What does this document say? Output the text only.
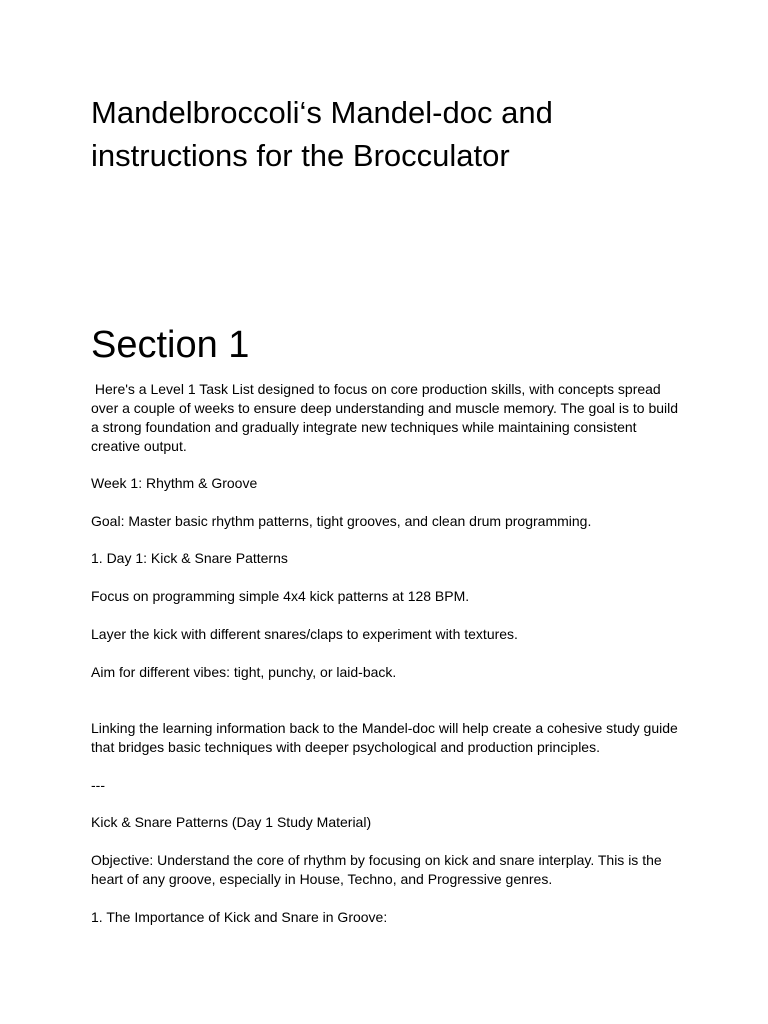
Mandelbroccoli‘s Mandel-doc and instructions for the Brocculator
Section 1

Here's a Level 1 Task List designed to focus on core production skills, with concepts spread over a couple of weeks to ensure deep understanding and muscle memory. The goal is to build a strong foundation and gradually integrate new techniques while maintaining consistent creative output.

Week 1: Rhythm & Groove

Goal: Master basic rhythm patterns, tight grooves, and clean drum programming.

1. Day 1: Kick & Snare Patterns

Focus on programming simple 4x4 kick patterns at 128 BPM.

Layer the kick with different snares/claps to experiment with textures.

Aim for different vibes: tight, punchy, or laid-back.

Linking the learning information back to the Mandel-doc will help create a cohesive study guide that bridges basic techniques with deeper psychological and production principles.

---

Kick & Snare Patterns (Day 1 Study Material)

Objective: Understand the core of rhythm by focusing on kick and snare interplay. This is the heart of any groove, especially in House, Techno, and Progressive genres.

1. The Importance of Kick and Snare in Groove:
